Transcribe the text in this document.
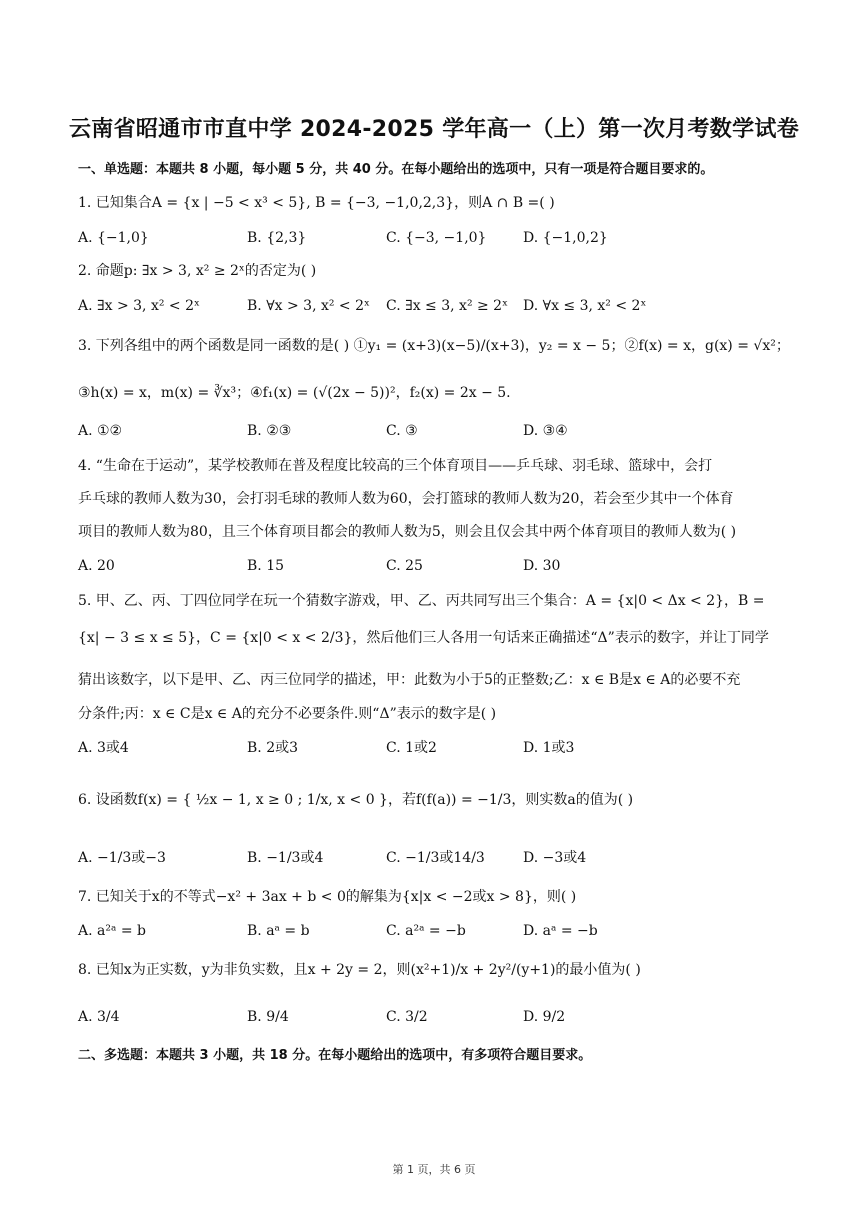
云南省昭通市市直中学 2024-2025 学年高一（上）第一次月考数学试卷
一、单选题：本题共 8 小题，每小题 5 分，共 40 分。在每小题给出的选项中，只有一项是符合题目要求的。
1. 已知集合A = {x | −5 < x³ < 5}, B = {−3, −1,0,2,3}，则A ∩ B =( )
A. {−1,0}	B. {2,3}	C. {−3, −1,0}	D. {−1,0,2}
2. 命题p: ∃x > 3, x² ≥ 2ˣ的否定为( )
A. ∃x > 3, x² < 2ˣ	B. ∀x > 3, x² < 2ˣ C. ∃x ≤ 3, x² ≥ 2ˣ D. ∀x ≤ 3, x² < 2ˣ
3. 下列各组中的两个函数是同一函数的是( ) ①y₁ = (x+3)(x−5)/(x+3)，y₂ = x − 5；②f(x) = x，g(x) = √x²；
③h(x) = x，m(x) = ∛x³；④f₁(x) = (√(2x − 5))²，f₂(x) = 2x − 5.
A. ①②	B. ②③	C. ③	D. ③④
4. “生命在于运动”，某学校教师在普及程度比较高的三个体育项目——乒乓球、羽毛球、篮球中，会打
乒乓球的教师人数为30，会打羽毛球的教师人数为60，会打篮球的教师人数为20，若会至少其中一个体育
项目的教师人数为80，且三个体育项目都会的教师人数为5，则会且仅会其中两个体育项目的教师人数为( )
A. 20	B. 15	C. 25	D. 30
5. 甲、乙、丙、丁四位同学在玩一个猜数字游戏，甲、乙、丙共同写出三个集合：A = {x|0 < Δx < 2}，B =
{x| − 3 ≤ x ≤ 5}，C = {x|0 < x < 2/3}，然后他们三人各用一句话来正确描述“Δ”表示的数字，并让丁同学
猜出该数字，以下是甲、乙、丙三位同学的描述，甲：此数为小于5的正整数;乙：x ∈ B是x ∈ A的必要不充
分条件;丙：x ∈ C是x ∈ A的充分不必要条件.则“Δ”表示的数字是( )
A. 3或4	B. 2或3	C. 1或2	D. 1或3
6. 设函数f(x) = { ½x − 1, x ≥ 0 ; 1/x, x < 0 }，若f(f(a)) = −1/3，则实数a的值为( )
A. −1/3或−3	B. −1/3或4	C. −1/3或14/3	D. −3或4
7. 已知关于x的不等式−x² + 3ax + b < 0的解集为{x|x < −2或x > 8}，则( )
A. a²ᵃ = b	B. aᵃ = b	C. a²ᵃ = −b	D. aᵃ = −b
8. 已知x为正实数，y为非负实数，且x + 2y = 2，则(x²+1)/x + 2y²/(y+1)的最小值为( )
A. 3/4	B. 9/4	C. 3/2	D. 9/2
二、多选题：本题共 3 小题，共 18 分。在每小题给出的选项中，有多项符合题目要求。
第 1 页，共 6 页
